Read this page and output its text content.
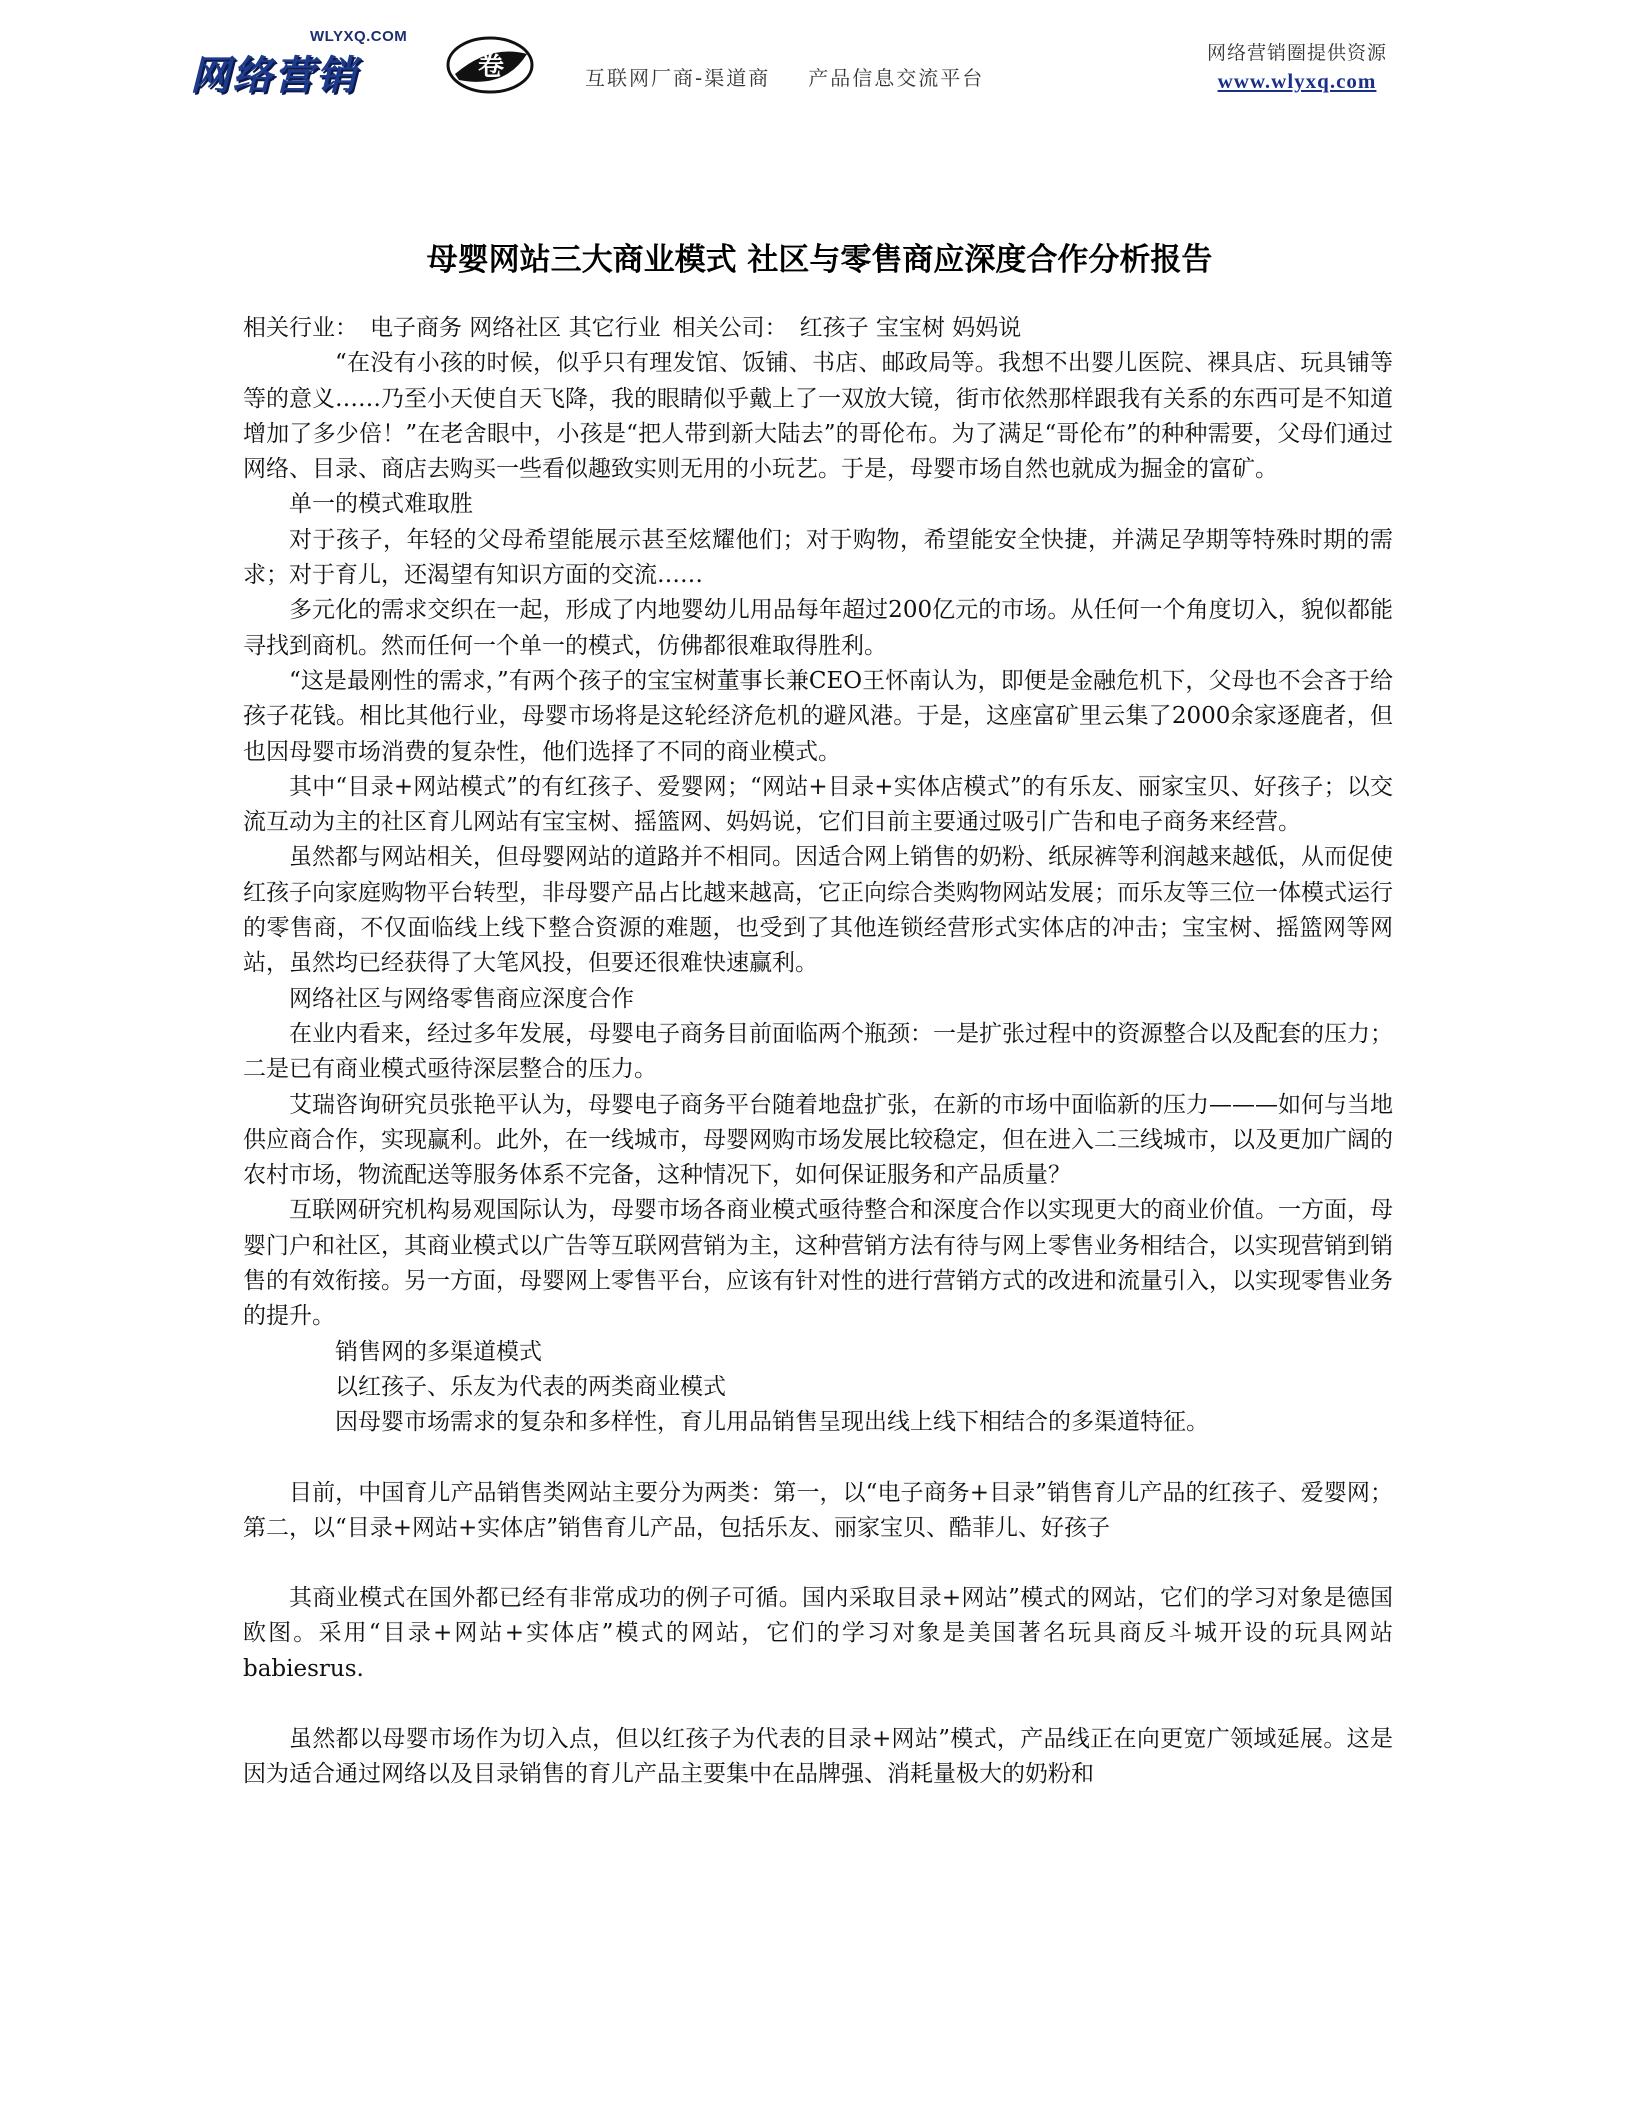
WLYXQ.COM
网络营销	卷	互联网厂商-渠道商 产品信息交流平台
网络营销圈提供资源
www.wlyxq.com
母婴网站三大商业模式 社区与零售商应深度合作分析报告

相关行业： 电子商务 网络社区 其它行业 相关公司： 红孩子 宝宝树 妈妈说

“在没有小孩的时候，似乎只有理发馆、饭铺、书店、邮政局等。我想不出婴儿医院、裸具店、玩具铺等等的意义……乃至小天使自天飞降，我的眼睛似乎戴上了一双放大镜，街市依然那样跟我有关系的东西可是不知道增加了多少倍！”在老舍眼中，小孩是“把人带到新大陆去”的哥伦布。为了满足“哥伦布”的种种需要，父母们通过网络、目录、商店去购买一些看似趣致实则无用的小玩艺。于是，母婴市场自然也就成为掘金的富矿。

单一的模式难取胜

对于孩子，年轻的父母希望能展示甚至炫耀他们；对于购物，希望能安全快捷，并满足孕期等特殊时期的需求；对于育儿，还渴望有知识方面的交流……

多元化的需求交织在一起，形成了内地婴幼儿用品每年超过200亿元的市场。从任何一个角度切入，貌似都能寻找到商机。然而任何一个单一的模式，仿佛都很难取得胜利。

“这是最刚性的需求，”有两个孩子的宝宝树董事长兼CEO王怀南认为，即便是金融危机下，父母也不会吝于给孩子花钱。相比其他行业，母婴市场将是这轮经济危机的避风港。于是，这座富矿里云集了2000余家逐鹿者，但也因母婴市场消费的复杂性，他们选择了不同的商业模式。

其中“目录+网站模式”的有红孩子、爱婴网；“网站+目录+实体店模式”的有乐友、丽家宝贝、好孩子；以交流互动为主的社区育儿网站有宝宝树、摇篮网、妈妈说，它们目前主要通过吸引广告和电子商务来经营。

虽然都与网站相关，但母婴网站的道路并不相同。因适合网上销售的奶粉、纸尿裤等利润越来越低，从而促使红孩子向家庭购物平台转型，非母婴产品占比越来越高，它正向综合类购物网站发展；而乐友等三位一体模式运行的零售商，不仅面临线上线下整合资源的难题，也受到了其他连锁经营形式实体店的冲击；宝宝树、摇篮网等网站，虽然均已经获得了大笔风投，但要还很难快速赢利。

网络社区与网络零售商应深度合作

在业内看来，经过多年发展，母婴电子商务目前面临两个瓶颈：一是扩张过程中的资源整合以及配套的压力；二是已有商业模式亟待深层整合的压力。

艾瑞咨询研究员张艳平认为，母婴电子商务平台随着地盘扩张，在新的市场中面临新的压力———如何与当地供应商合作，实现赢利。此外，在一线城市，母婴网购市场发展比较稳定，但在进入二三线城市，以及更加广阔的农村市场，物流配送等服务体系不完备，这种情况下，如何保证服务和产品质量？

互联网研究机构易观国际认为，母婴市场各商业模式亟待整合和深度合作以实现更大的商业价值。一方面，母婴门户和社区，其商业模式以广告等互联网营销为主，这种营销方法有待与网上零售业务相结合，以实现营销到销售的有效衔接。另一方面，母婴网上零售平台，应该有针对性的进行营销方式的改进和流量引入，以实现零售业务的提升。

销售网的多渠道模式

以红孩子、乐友为代表的两类商业模式

因母婴市场需求的复杂和多样性，育儿用品销售呈现出线上线下相结合的多渠道特征。

目前，中国育儿产品销售类网站主要分为两类：第一，以“电子商务+目录”销售育儿产品的红孩子、爱婴网；第二，以“目录+网站+实体店”销售育儿产品，包括乐友、丽家宝贝、酷菲儿、好孩子

其商业模式在国外都已经有非常成功的例子可循。国内采取目录+网站”模式的网站，它们的学习对象是德国欧图。采用“目录+网站+实体店”模式的网站，它们的学习对象是美国著名玩具商反斗城开设的玩具网站babiesrus.

虽然都以母婴市场作为切入点，但以红孩子为代表的目录+网站”模式，产品线正在向更宽广领域延展。这是因为适合通过网络以及目录销售的育儿产品主要集中在品牌强、消耗量极大的奶粉和
